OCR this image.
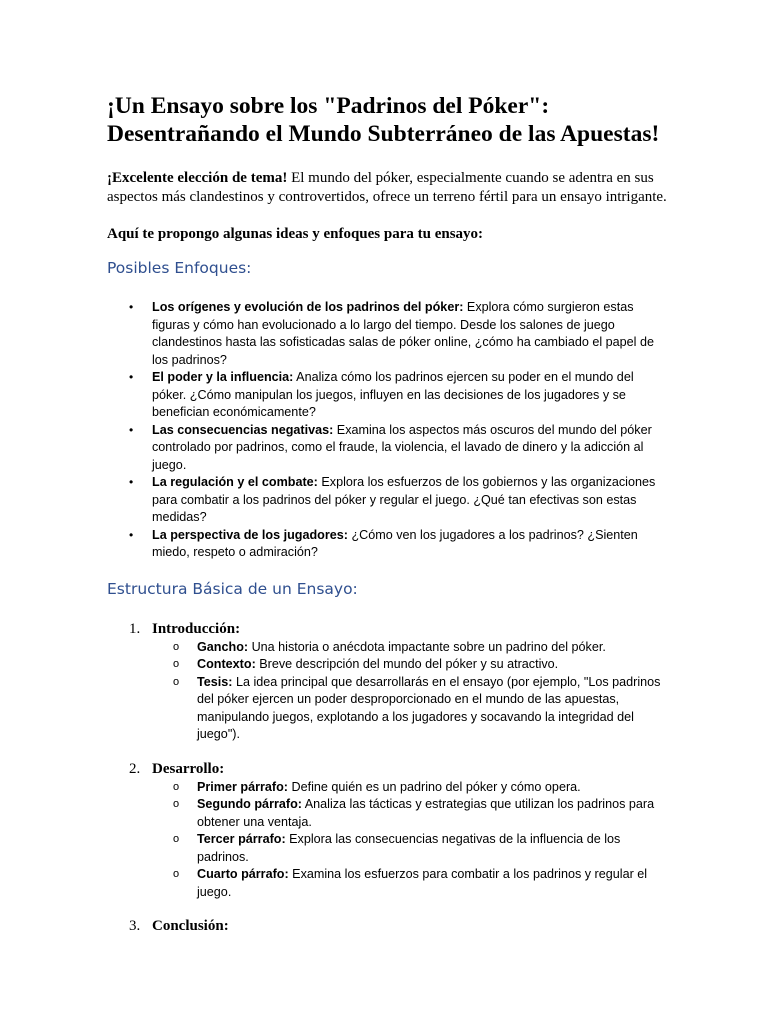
¡Un Ensayo sobre los "Padrinos del Póker":
Desentrañando el Mundo Subterráneo de las Apuestas!

¡Excelente elección de tema! El mundo del póker, especialmente cuando se adentra en sus aspectos más clandestinos y controvertidos, ofrece un terreno fértil para un ensayo intrigante.

Aquí te propongo algunas ideas y enfoques para tu ensayo:

Posibles Enfoques:
• Los orígenes y evolución de los padrinos del póker: Explora cómo surgieron estas figuras y cómo han evolucionado a lo largo del tiempo. Desde los salones de juego clandestinos hasta las sofisticadas salas de póker online, ¿cómo ha cambiado el papel de los padrinos?
• El poder y la influencia: Analiza cómo los padrinos ejercen su poder en el mundo del póker. ¿Cómo manipulan los juegos, influyen en las decisiones de los jugadores y se benefician económicamente?
• Las consecuencias negativas: Examina los aspectos más oscuros del mundo del póker controlado por padrinos, como el fraude, la violencia, el lavado de dinero y la adicción al juego.
• La regulación y el combate: Explora los esfuerzos de los gobiernos y las organizaciones para combatir a los padrinos del póker y regular el juego. ¿Qué tan efectivas son estas medidas?
• La perspectiva de los jugadores: ¿Cómo ven los jugadores a los padrinos? ¿Sienten miedo, respeto o admiración?
Estructura Básica de un Ensayo:
1. Introducción:
o Gancho: Una historia o anécdota impactante sobre un padrino del póker.
o Contexto: Breve descripción del mundo del póker y su atractivo.
o Tesis: La idea principal que desarrollarás en el ensayo (por ejemplo, "Los padrinos del póker ejercen un poder desproporcionado en el mundo de las apuestas, manipulando juegos, explotando a los jugadores y socavando la integridad del juego").
2. Desarrollo:
o Primer párrafo: Define quién es un padrino del póker y cómo opera.
o Segundo párrafo: Analiza las tácticas y estrategias que utilizan los padrinos para obtener una ventaja.
o Tercer párrafo: Explora las consecuencias negativas de la influencia de los padrinos.
o Cuarto párrafo: Examina los esfuerzos para combatir a los padrinos y regular el juego.
3. Conclusión:
